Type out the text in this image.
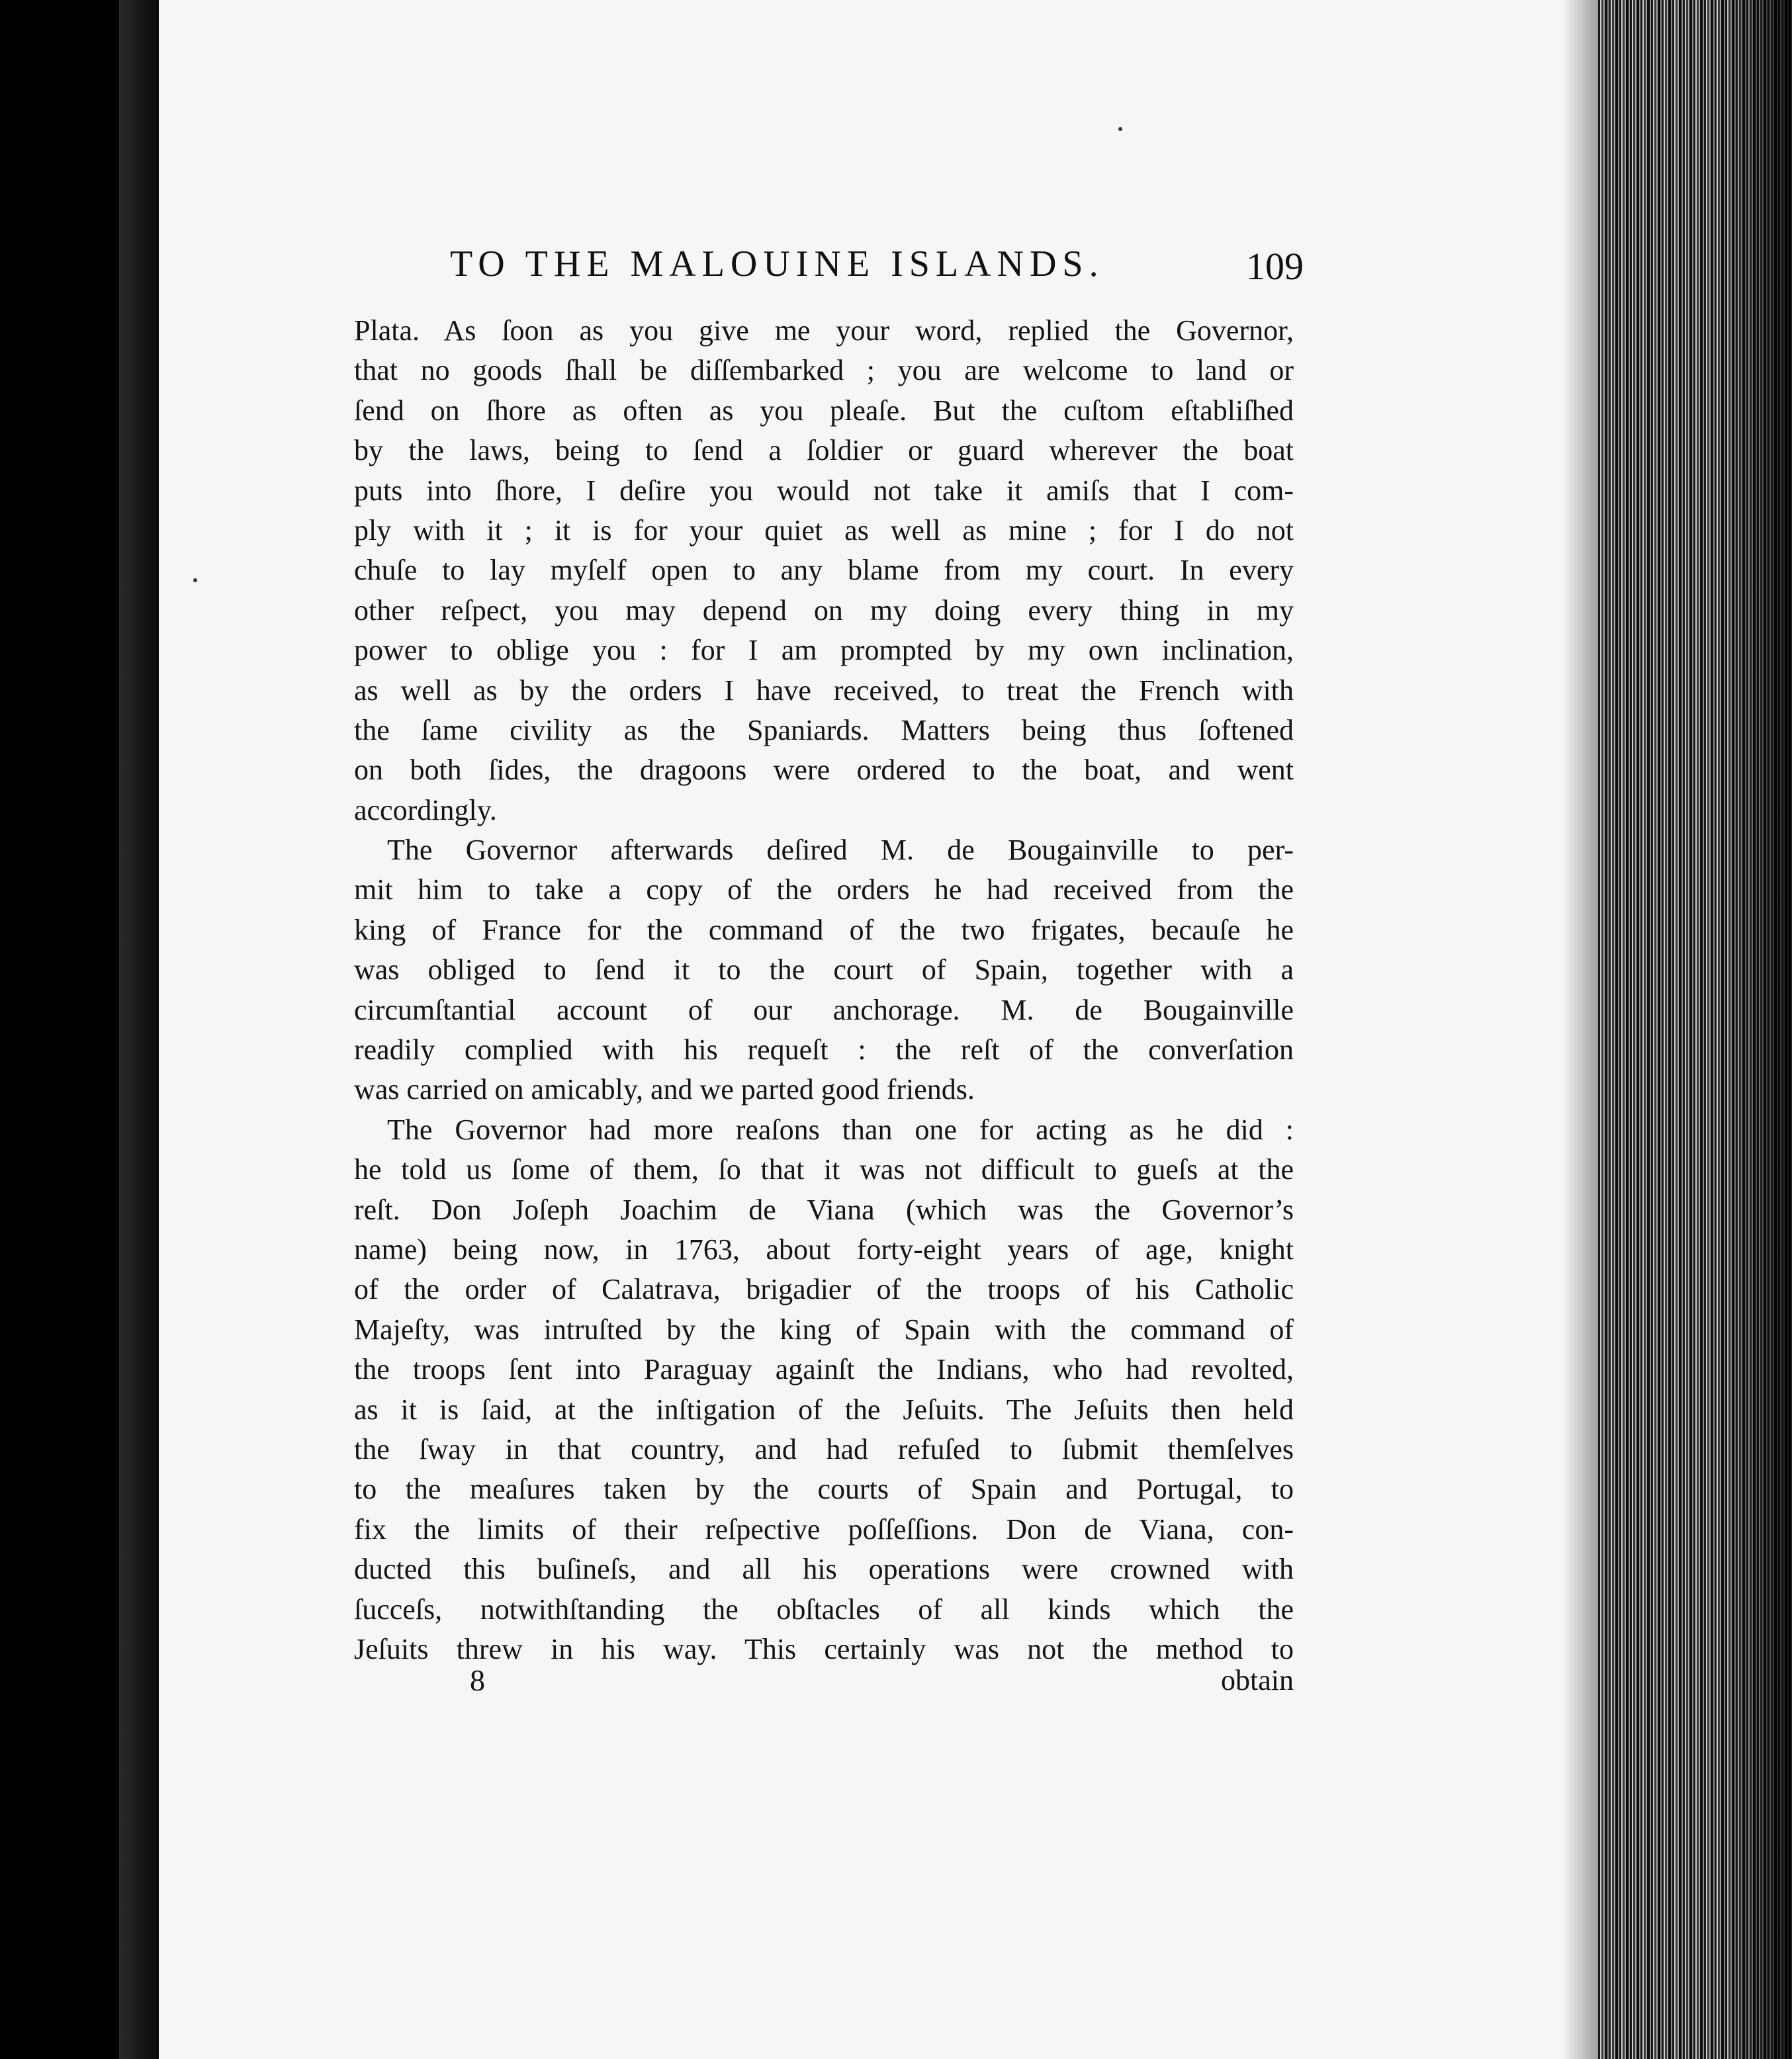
TO THE MALOUINE ISLANDS.	109
Plata. As ſoon as you give me your word, replied the Governor,
that no goods ſhall be diſſembarked ; you are welcome to land or
ſend on ſhore as often as you pleaſe. But the cuſtom eſtabliſhed
by the laws, being to ſend a ſoldier or guard wherever the boat
puts into ſhore, I deſire you would not take it amiſs that I com-
ply with it ; it is for your quiet as well as mine ; for I do not
chuſe to lay myſelf open to any blame from my court. In every
other reſpect, you may depend on my doing every thing in my
power to oblige you : for I am prompted by my own inclination,
as well as by the orders I have received, to treat the French with
the ſame civility as the Spaniards. Matters being thus ſoftened
on both ſides, the dragoons were ordered to the boat, and went
accordingly.
The Governor afterwards deſired M. de Bougainville to per-
mit him to take a copy of the orders he had received from the
king of France for the command of the two frigates, becauſe he
was obliged to ſend it to the court of Spain, together with a
circumſtantial account of our anchorage. M. de Bougainville
readily complied with his requeſt : the reſt of the converſation
was carried on amicably, and we parted good friends.
The Governor had more reaſons than one for acting as he did :
he told us ſome of them, ſo that it was not difficult to gueſs at the
reſt. Don Joſeph Joachim de Viana (which was the Governor’s
name) being now, in 1763, about forty-eight years of age, knight
of the order of Calatrava, brigadier of the troops of his Catholic
Majeſty, was intruſted by the king of Spain with the command of
the troops ſent into Paraguay againſt the Indians, who had revolted,
as it is ſaid, at the inſtigation of the Jeſuits. The Jeſuits then held
the ſway in that country, and had refuſed to ſubmit themſelves
to the meaſures taken by the courts of Spain and Portugal, to
fix the limits of their reſpective poſſeſſions. Don de Viana, con-
ducted this buſineſs, and all his operations were crowned with
ſucceſs, notwithſtanding the obſtacles of all kinds which the
Jeſuits threw in his way. This certainly was not the method to
8	obtain
